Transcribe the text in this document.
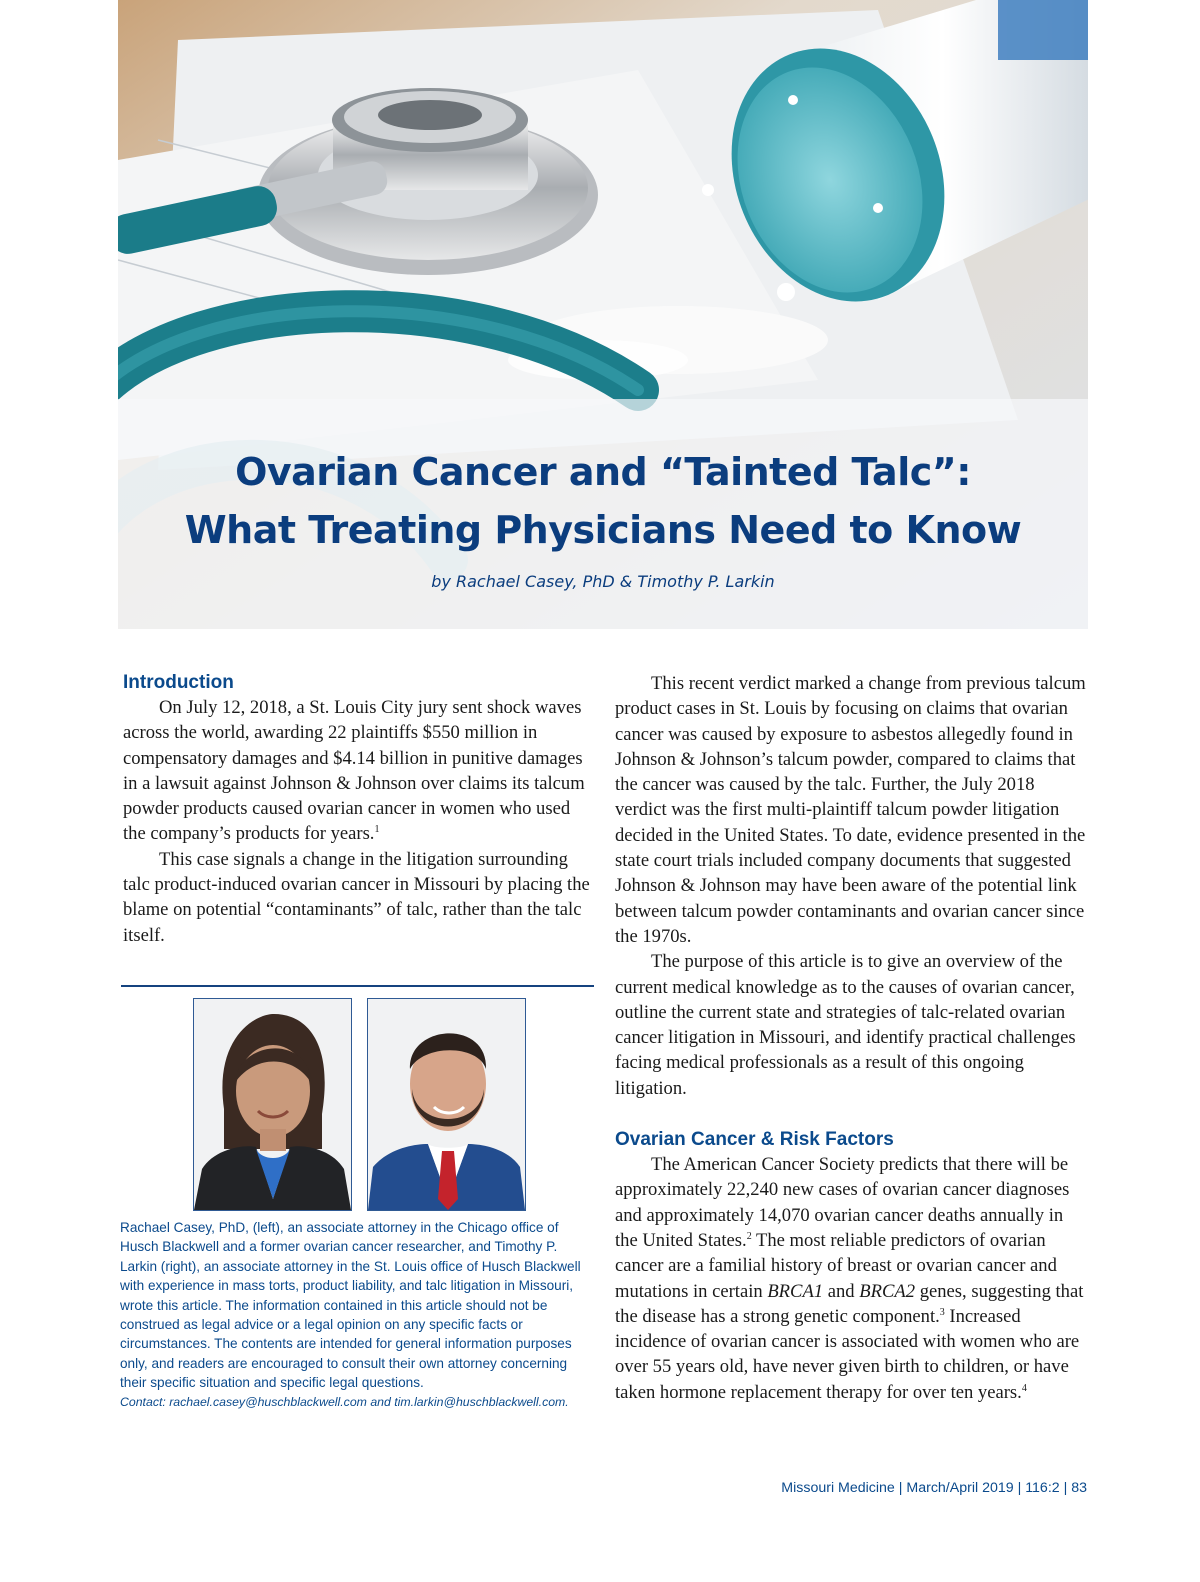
Ovarian Cancer and “Tainted Talc”:
What Treating Physicians Need to Know
by Rachael Casey, PhD & Timothy P. Larkin
Introduction

On July 12, 2018, a St. Louis City jury sent shock waves across the world, awarding 22 plaintiffs $550 million in compensatory damages and $4.14 billion in punitive damages in a lawsuit against Johnson & Johnson over claims its talcum powder products caused ovarian cancer in women who used the company’s products for years.$^1$

This case signals a change in the litigation surrounding talc product-induced ovarian cancer in Missouri by placing the blame on potential “contaminants” of talc, rather than the talc itself.

Rachael Casey, PhD, (left), an associate attorney in the Chicago office of Husch Blackwell and a former ovarian cancer researcher, and Timothy P. Larkin (right), an associate attorney in the St. Louis office of Husch Blackwell with experience in mass torts, product liability, and talc litigation in Missouri, wrote this article. The information contained in this article should not be construed as legal advice or a legal opinion on any specific facts or circumstances. The contents are intended for general information purposes only, and readers are encouraged to consult their own attorney concerning their specific situation and specific legal questions.
Contact: rachael.casey@huschblackwell.com and tim.larkin@huschblackwell.com.

This recent verdict marked a change from previous talcum product cases in St. Louis by focusing on claims that ovarian cancer was caused by exposure to asbestos allegedly found in Johnson & Johnson’s talcum powder, compared to claims that the cancer was caused by the talc. Further, the July 2018 verdict was the first multi-plaintiff talcum powder litigation decided in the United States. To date, evidence presented in the state court trials included company documents that suggested Johnson & Johnson may have been aware of the potential link between talcum powder contaminants and ovarian cancer since the 1970s.

The purpose of this article is to give an overview of the current medical knowledge as to the causes of ovarian cancer, outline the current state and strategies of talc-related ovarian cancer litigation in Missouri, and identify practical challenges facing medical professionals as a result of this ongoing litigation.

Ovarian Cancer & Risk Factors

The American Cancer Society predicts that there will be approximately 22,240 new cases of ovarian cancer diagnoses and approximately 14,070 ovarian cancer deaths annually in the United States.$^2$ The most reliable predictors of ovarian cancer are a familial history of breast or ovarian cancer and mutations in certain BRCA1 and BRCA2 genes, suggesting that the disease has a strong genetic component.$^3$ Increased incidence of ovarian cancer is associated with women who are over 55 years old, have never given birth to children, or have taken hormone replacement therapy for over ten years.$^4$

Missouri Medicine | March/April 2019 | 116:2 | 83
